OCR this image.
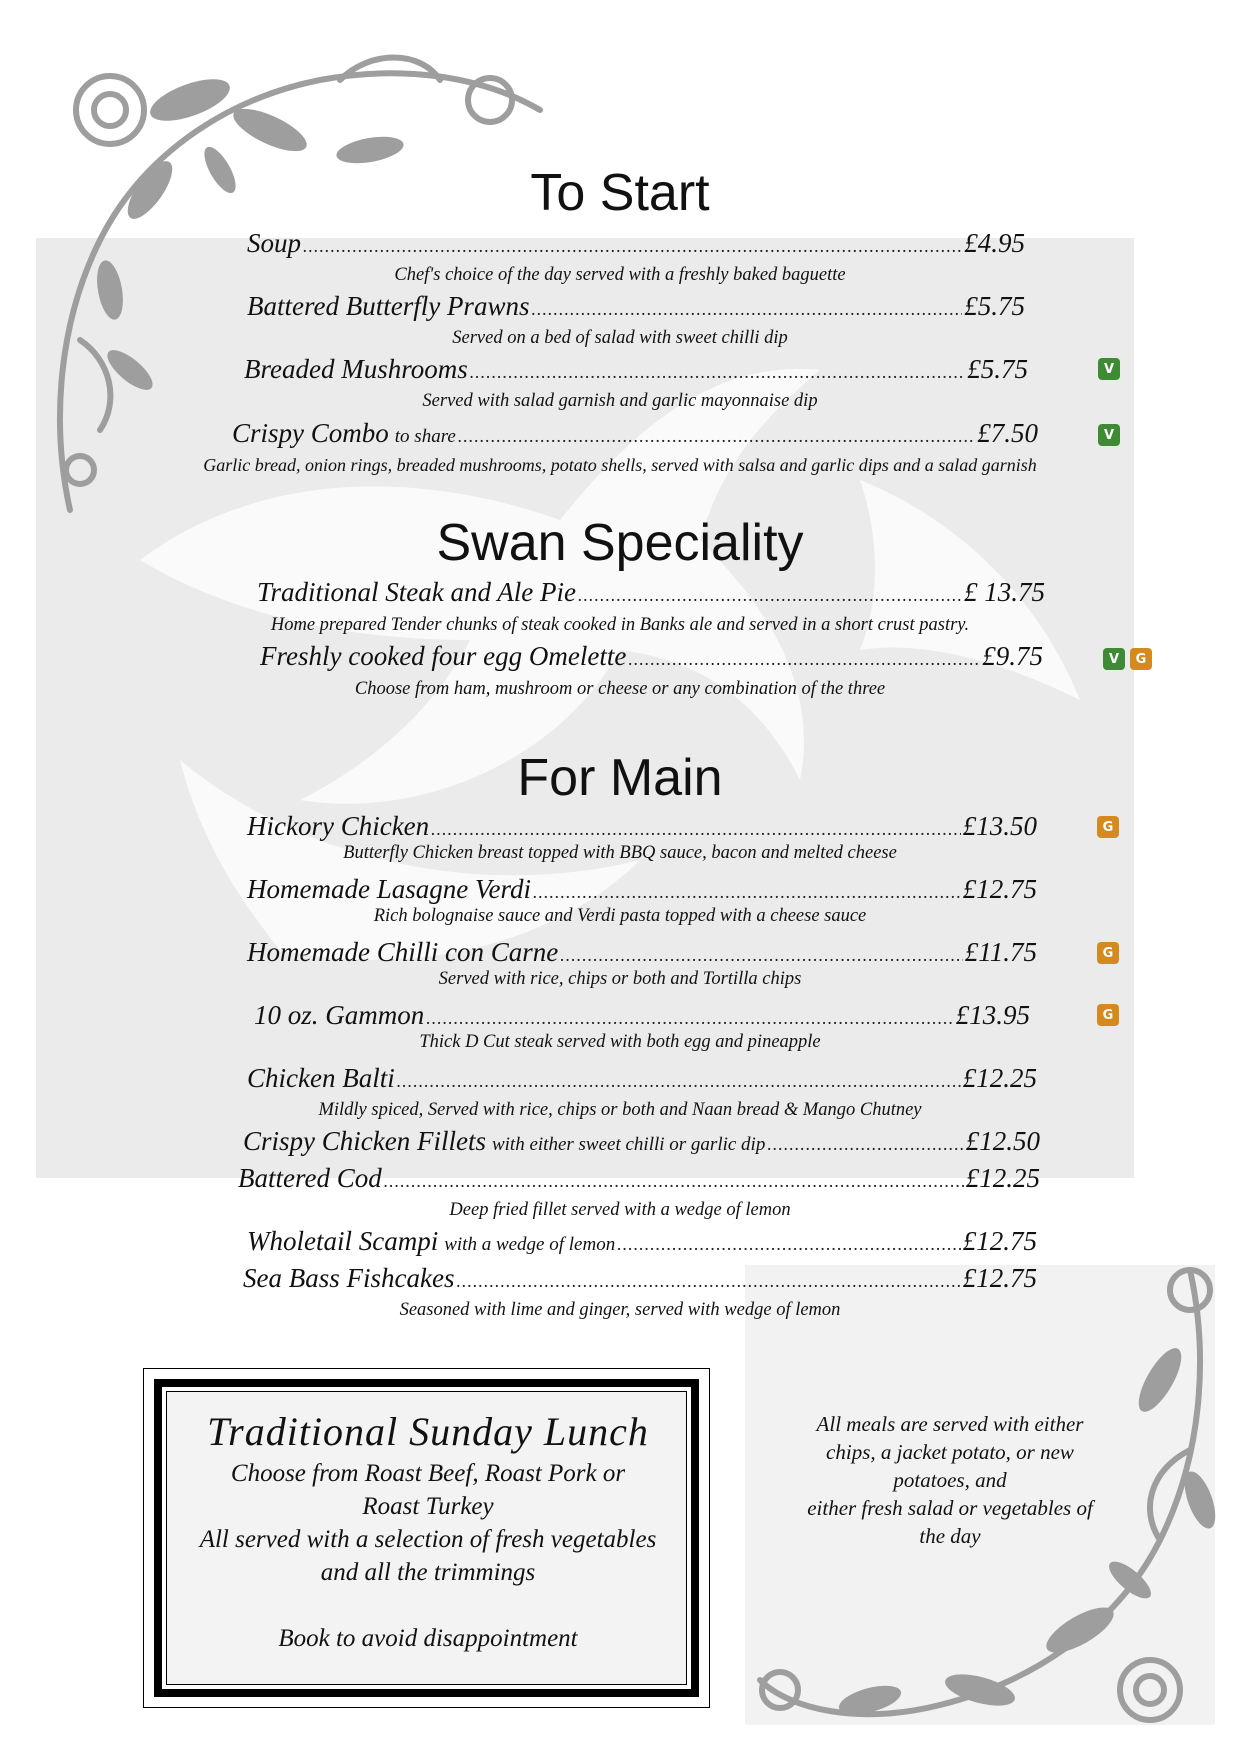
To Start
Soup .....	£4.95
Chef's choice of the day served with a freshly baked baguette
Battered Butterfly Prawns .....	£5.75
Served on a bed of salad with sweet chilli dip
Breaded Mushrooms .....	£5.75	V
Served with salad garnish and garlic mayonnaise dip
Crispy Combo to share .....	£7.50	V
Garlic bread, onion rings, breaded mushrooms, potato shells, served with salsa and garlic dips and a salad garnish
Swan Speciality
Traditional Steak and Ale Pie .....	£ 13.75
Home prepared Tender chunks of steak cooked in Banks ale and served in a short crust pastry.
Freshly cooked four egg Omelette .....	£9.75	V	G
Choose from ham, mushroom or cheese or any combination of the three
For Main
Hickory Chicken .....	£13.50	G
Butterfly Chicken breast topped with BBQ sauce, bacon and melted cheese
Homemade Lasagne Verdi .....	£12.75
Rich bolognaise sauce and Verdi pasta topped with a cheese sauce
Homemade Chilli con Carne .....	£11.75	G
Served with rice, chips or both and Tortilla chips
10 oz. Gammon .....	£13.95	G
Thick D Cut steak served with both egg and pineapple
Chicken Balti .....	£12.25
Mildly spiced, Served with rice, chips or both and Naan bread & Mango Chutney
Crispy Chicken Fillets with either sweet chilli or garlic dip .....	£12.50
Battered Cod .....	£12.25
Deep fried fillet served with a wedge of lemon
Wholetail Scampi with a wedge of lemon .....	£12.75
Sea Bass Fishcakes .....	£12.75
Seasoned with lime and ginger, served with wedge of lemon
Traditional Sunday Lunch
Choose from Roast Beef, Roast Pork or
Roast Turkey
All served with a selection of fresh vegetables
and all the trimmings
Book to avoid disappointment
All meals are served with either
chips, a jacket potato, or new
potatoes, and
either fresh salad or vegetables of
the day
